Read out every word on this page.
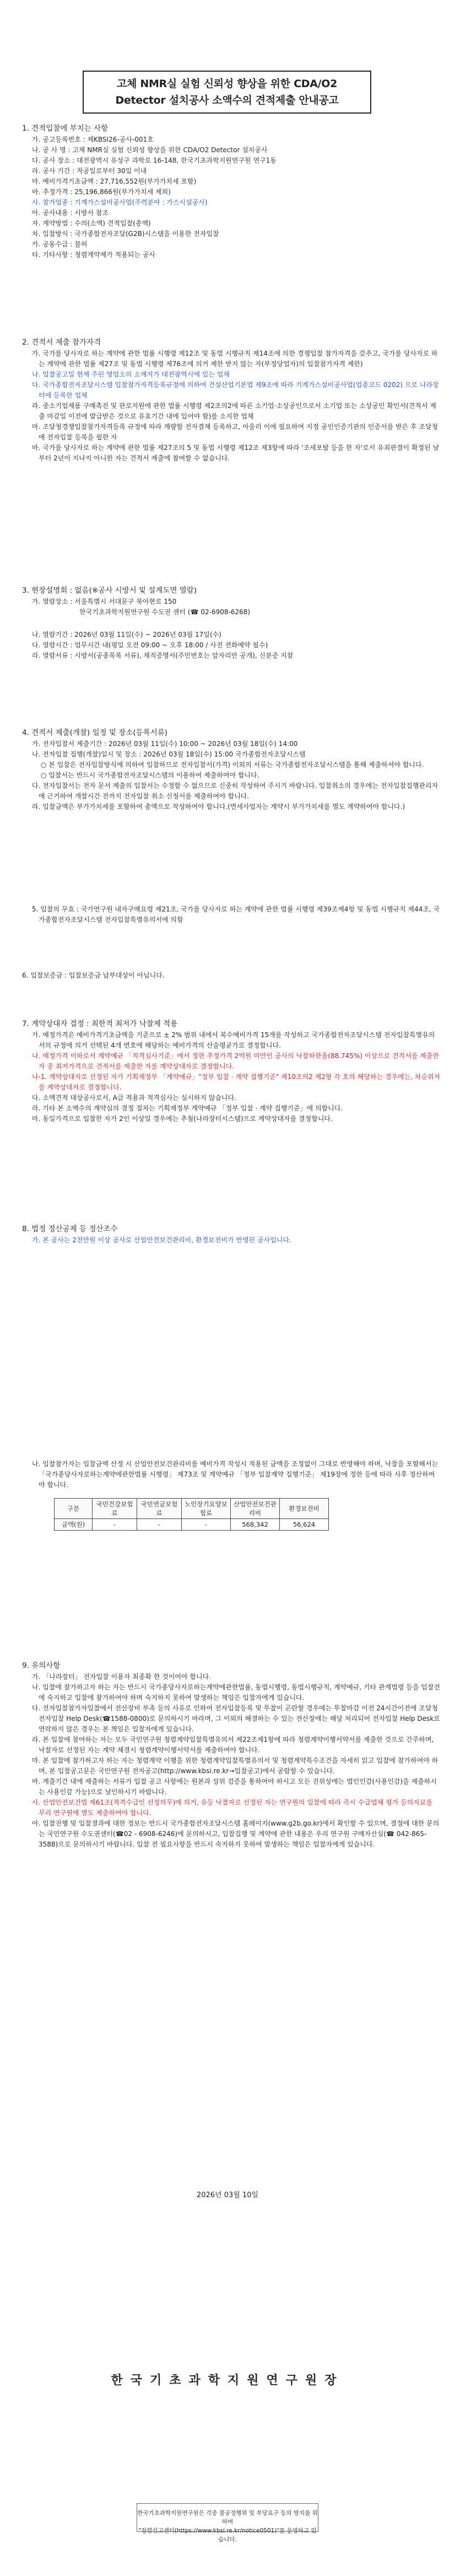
고체 NMR실 실험 신뢰성 향상을 위한 CDA/O2
Detector 설치공사 소액수의 견적제출 안내공고
1. 견적입찰에 부치는 사항

가. 공고등록번호 : 제KBSI26-공사-001호

나. 공 사 명 : 고체 NMR실 실험 신뢰성 향상을 위한 CDA/O2 Detector 설치공사

다. 공사 장소 : 대전광역시 유성구 과학로 16-148, 한국기초과학지원연구원 연구1동

라. 공사 기간 : 착공일로부터 30일 이내

마. 예비가격기초금액 : 27,716,552원(부가가치세 포함)

바. 추정가격 : 25,196,866원(부가가치세 제외)

사. 참가업종 : 기계가스설비공사업(주력분야 : 가스시설공사)

아. 공사내용 : 시방서 참조

자. 계약방법 : 수의(소액) 견적입찰(총액)

차. 입찰방식 : 국가종합전자조달(G2B)시스템을 이용한 전자입찰

카. 공동수급 : 불허

타. 기타사항 : 청렴계약제가 적용되는 공사

2. 견적서 제출 참가자격

가. 국가를 당사자로 하는 계약에 관한 법률 시행령 제12조 및 동법 시행규칙 제14조에 의한 경쟁입찰 참가자격을 갖추고, 국가를 당사자로 하는 계약에 관한 법률 제27조 및 동법 시행령 제76조에 의거 제한 받지 않는 자(부정당업자)의 입찰참가자격 제한)

나. 입찰공고일 현재 주된 영업소의 소재지가 대전광역시에 있는 업체

다. 국가종합전자조달시스템 입찰참가자격등록규정에 의하여 건설산업기본법 제9조에 따라 기계가스설비공사업(업종코드 0202) 으로 나라장터에 등록한 업체

라. 중소기업제품 구매촉진 및 판로지원에 관한 법률 시행령 제2조의2에 따른 소기업·소상공인으로서 소기업 또는 소상공인 확인서(견적서 제출 마감일 이전에 발급받은 것으로 유효기간 내에 있어야 함)를 소지한 업체

마. 조달청경쟁입찰참가자격등록 규정에 따라 계량할 전자결재 등록하고, 아울러 이에 필요하여 지정 공인인증기관의 인증서를 받은 후 조달청에 전자입찰 등록을 필한 자

바. 국가를 당사자로 하는 계약에 관한 법률 제27조의 5 및 동법 시행령 제12조 제3항에 따라 '조세포탈 등을 한 자'로서 유죄판결이 확정된 날부터 2년이 지나지 아니한 자는 견적서 제출에 참여할 수 없습니다.

3. 현장설명회 : 없음(※공사 시방서 및 설계도면 열람)

가. 열람장소 : 서울특별시 서대문구 북아현로 150

한국기초과학지원연구원 수도권 센터 (☎ 02-6908-6268)

나. 열람기간 : 2026년 03월 11일(수) ~ 2026년 03월 17일(수)

다. 열람시간 : 업무시간 내(평일 오전 09:00 ~ 오후 18:00 / 사전 전화예약 필수)

라. 열람서류 : 시방서(공종목록 서류), 재직증명서(주민번호는 앞자리만 공개), 신분증 지참

4. 견적서 제출(개찰) 일정 및 장소(등록서류)

가. 전자입찰서 제출기간 : 2026년 03월 11일(수) 10:00 ~ 2026년 03월 18일(수) 14:00

나. 전자입찰 집행(개찰)일시 및 장소 : 2026년 03월 18일(수) 15:00 국가종합전자조달시스템

○ 본 입찰은 전자입찰방식에 의하여 입찰하므로 전자입찰서(가격) 이외의 서류는 국가종합전자조달시스템을 통해 제출하셔야 합니다.

○ 입찰서는 반드시 국가종합전자조달시스템의 이용하여 제출하여야 합니다.

다. 전자입찰서는 전자 문서 제출의 입찰서는 수정할 수 없으므로 신중히 작성하여 주시기 바랍니다. 입찰취소의 경우에는 전자입찰집행관리자에 근거하여 개찰시간 전까지 전자입찰 취소 신청서를 제출하여야 합니다.

라. 입찰금액은 부가가치세를 포함하여 총액으로 작성하여야 합니다.(면세사업자는 계약시 부가가치세를 별도 계약하여야 합니다.)

5. 입찰의 무효 : 국가연구원 내자구매요령 제21조, 국가를 당사자로 하는 계약에 관한 법률 시행령 제39조제4항 및 동법 시행규칙 제44조, 국가종합전자조달시스템 전자입찰특별유의서에 의함

6. 입찰보증금 : 입찰보증금 납부대상이 아닙니다.

7. 계약상대자 결정 : 최한적 최저가 낙찰제 적용

가. 예정가격은 예비가격기초금액을 기준으로 ± 2% 범위 내에서 복수예비가격 15개를 작성하고 국가종합전자조달시스템 전자입찰특별유의서의 규정에 의거 선택된 4개 번호에 해당하는 예비가격의 산술평균가로 결정합니다.

나. 예정가격 이하로서 계약예규 「적격심사기준」에서 정한 추정가격 2억원 미만인 공사의 낙찰하한율(88.745%) 이상으로 견적서를 제출한 자 중 최저가격으로 견적서를 제출한 자를 계약상대자로 결정합니다.

나-1. 계약상대자로 선정된 자가 기획재정부 「계약예규」"정부 입찰 · 계약 집행기준" 제10조의2 제2항 각 호의 해당하는 경우에는, 차순위자를 계약상대자로 결정합니다.

다. 소액견적 대상공사로서, A급 적용과 적격심사는 실시하지 않습니다.

라. 기타 본 소액수의 계약심의 결정 절차는 기획재정부 계약예규 「정부 입찰 · 계약 집행기준」에 의합니다.

마. 동일가격으로 입찰한 자가 2인 이상일 경우에는 추첨(나라장터시스템)으로 계약상대자를 결정합니다.

8. 법정 정산공제 등 정산조수

가. 본 공사는 2천만원 이상 공사로 산업안전보건관리비, 환경보전비가 반영된 공사입니다.

나. 입찰참가자는 입찰금액 산정 시 산업안전보건관리비를 예비가격 작성시 적용된 금액을 조정없이 그대로 반영해야 하며, 낙찰을 포함해서는 「국가종당사자로하는계약에관한법률 시행령」 제73조 및 계약예규 「정부 입찰계약 집행기준」 제19장에 정한 등에 따라 사후 정산하여야 합니다.

구분	국민건강보험료	국민연금보험료	노인장기요양보험료	산업안전보건관리비	환경보전비
금액(원)	-	-	-	568,342	56,624
9. 유의사항

가. 「나라장터」 전자입찰 이용자 최종확 한 것이어야 합니다.

나. 입찰에 참가하고자 하는 자는 반드시 국가종당사자로하는계약에관한법률, 동법시행령, 동법시행규칙, 계약예규, 기타 관계법령 등을 입찰전에 숙지하고 입찰에 참가하여야 하며 숙지하지 못하여 발생하는 책임은 입찰자에게 있습니다.

다. 전자입찰참가자입찰에서 전산장비 부족 등의 사유로 인하여 전자입찰등록 및 투찰이 곤란할 경우에는 투찰마감 이전 24시간이전에 조달청 전자입찰 Help Desk(☎1588-0800)로 문의하시기 바라며, 그 이외의 해결하는 수 있는 전산장애는 해당 처리되어 전자입찰 Help Desk로 연락하지 않은 경우는 본 책임은 입찰자에게 있습니다.

라. 본 입찰에 참여하는 자는 모두 국민연구원 청렴계약입찰특별유의서 제22조제1항에 따라 청렴계약이행서약서를 제출한 것으로 간주하며, 낙찰자로 선정된 자는 계약 체결시 청렴계약이행서약서를 제출하여야 합니다.

마. 본 입찰에 참가하고자 하는 자는 청렴계약 이행을 위한 청렴계약입찰특별유의서 및 청렴계약특수조건을 자세히 읽고 입찰에 참가하여야 하며, 본 입찰공고문은 국민연구원 전자공고(http://www.kbsi.re.kr→입찰공고)에서 공람할 수 있습니다.

바. 계출기간 내에 제출하는 서류가 입찰 공고 사항에는 원본과 상위 검증을 통하여야 하시고 모든 진위상에는 법인인감(사용인감)을 제출하시는 사용인감 가능)으로 날인하시기 바랍니다.

사. 산업안전보건법 제61조(적격수급인 선정의무)에 의거, 유등 낙찰자로 선정된 자는 연구원의 입찰에 따라 즉시 수급업체 평가 등의자료를 무리 연구원에 별도 제출하여야 합니다.

아. 입찰진행 및 입찰결과에 대한 정보는 반드시 국가종합전자조달시스템 홈페이지(www.g2b.go.kr)에서 확인할 수 있으며, 결정에 대한 문의는 국민연구원 수도권센터(☎02 - 6908-6246)에 문의하시고, 입찰집행 및 계약에 관한 내용은 우리 연구원 구매자산실(☎ 042-865-3588)으로 문의하시기 바랍니다. 입찰 전 필요사항을 반드시 숙지하지 못하여 발생하는 책임은 입찰자에게 있습니다.

2026년 03월 10일
한국기초과학지원연구원장
한국기초과학지원연구원은 각종 불공정행위 및 부당요구 등의 방지를 위하여
"청렴신고센터(https://www.kbsi.re.kr/notice0501)"를 운영하고 있습니다.
